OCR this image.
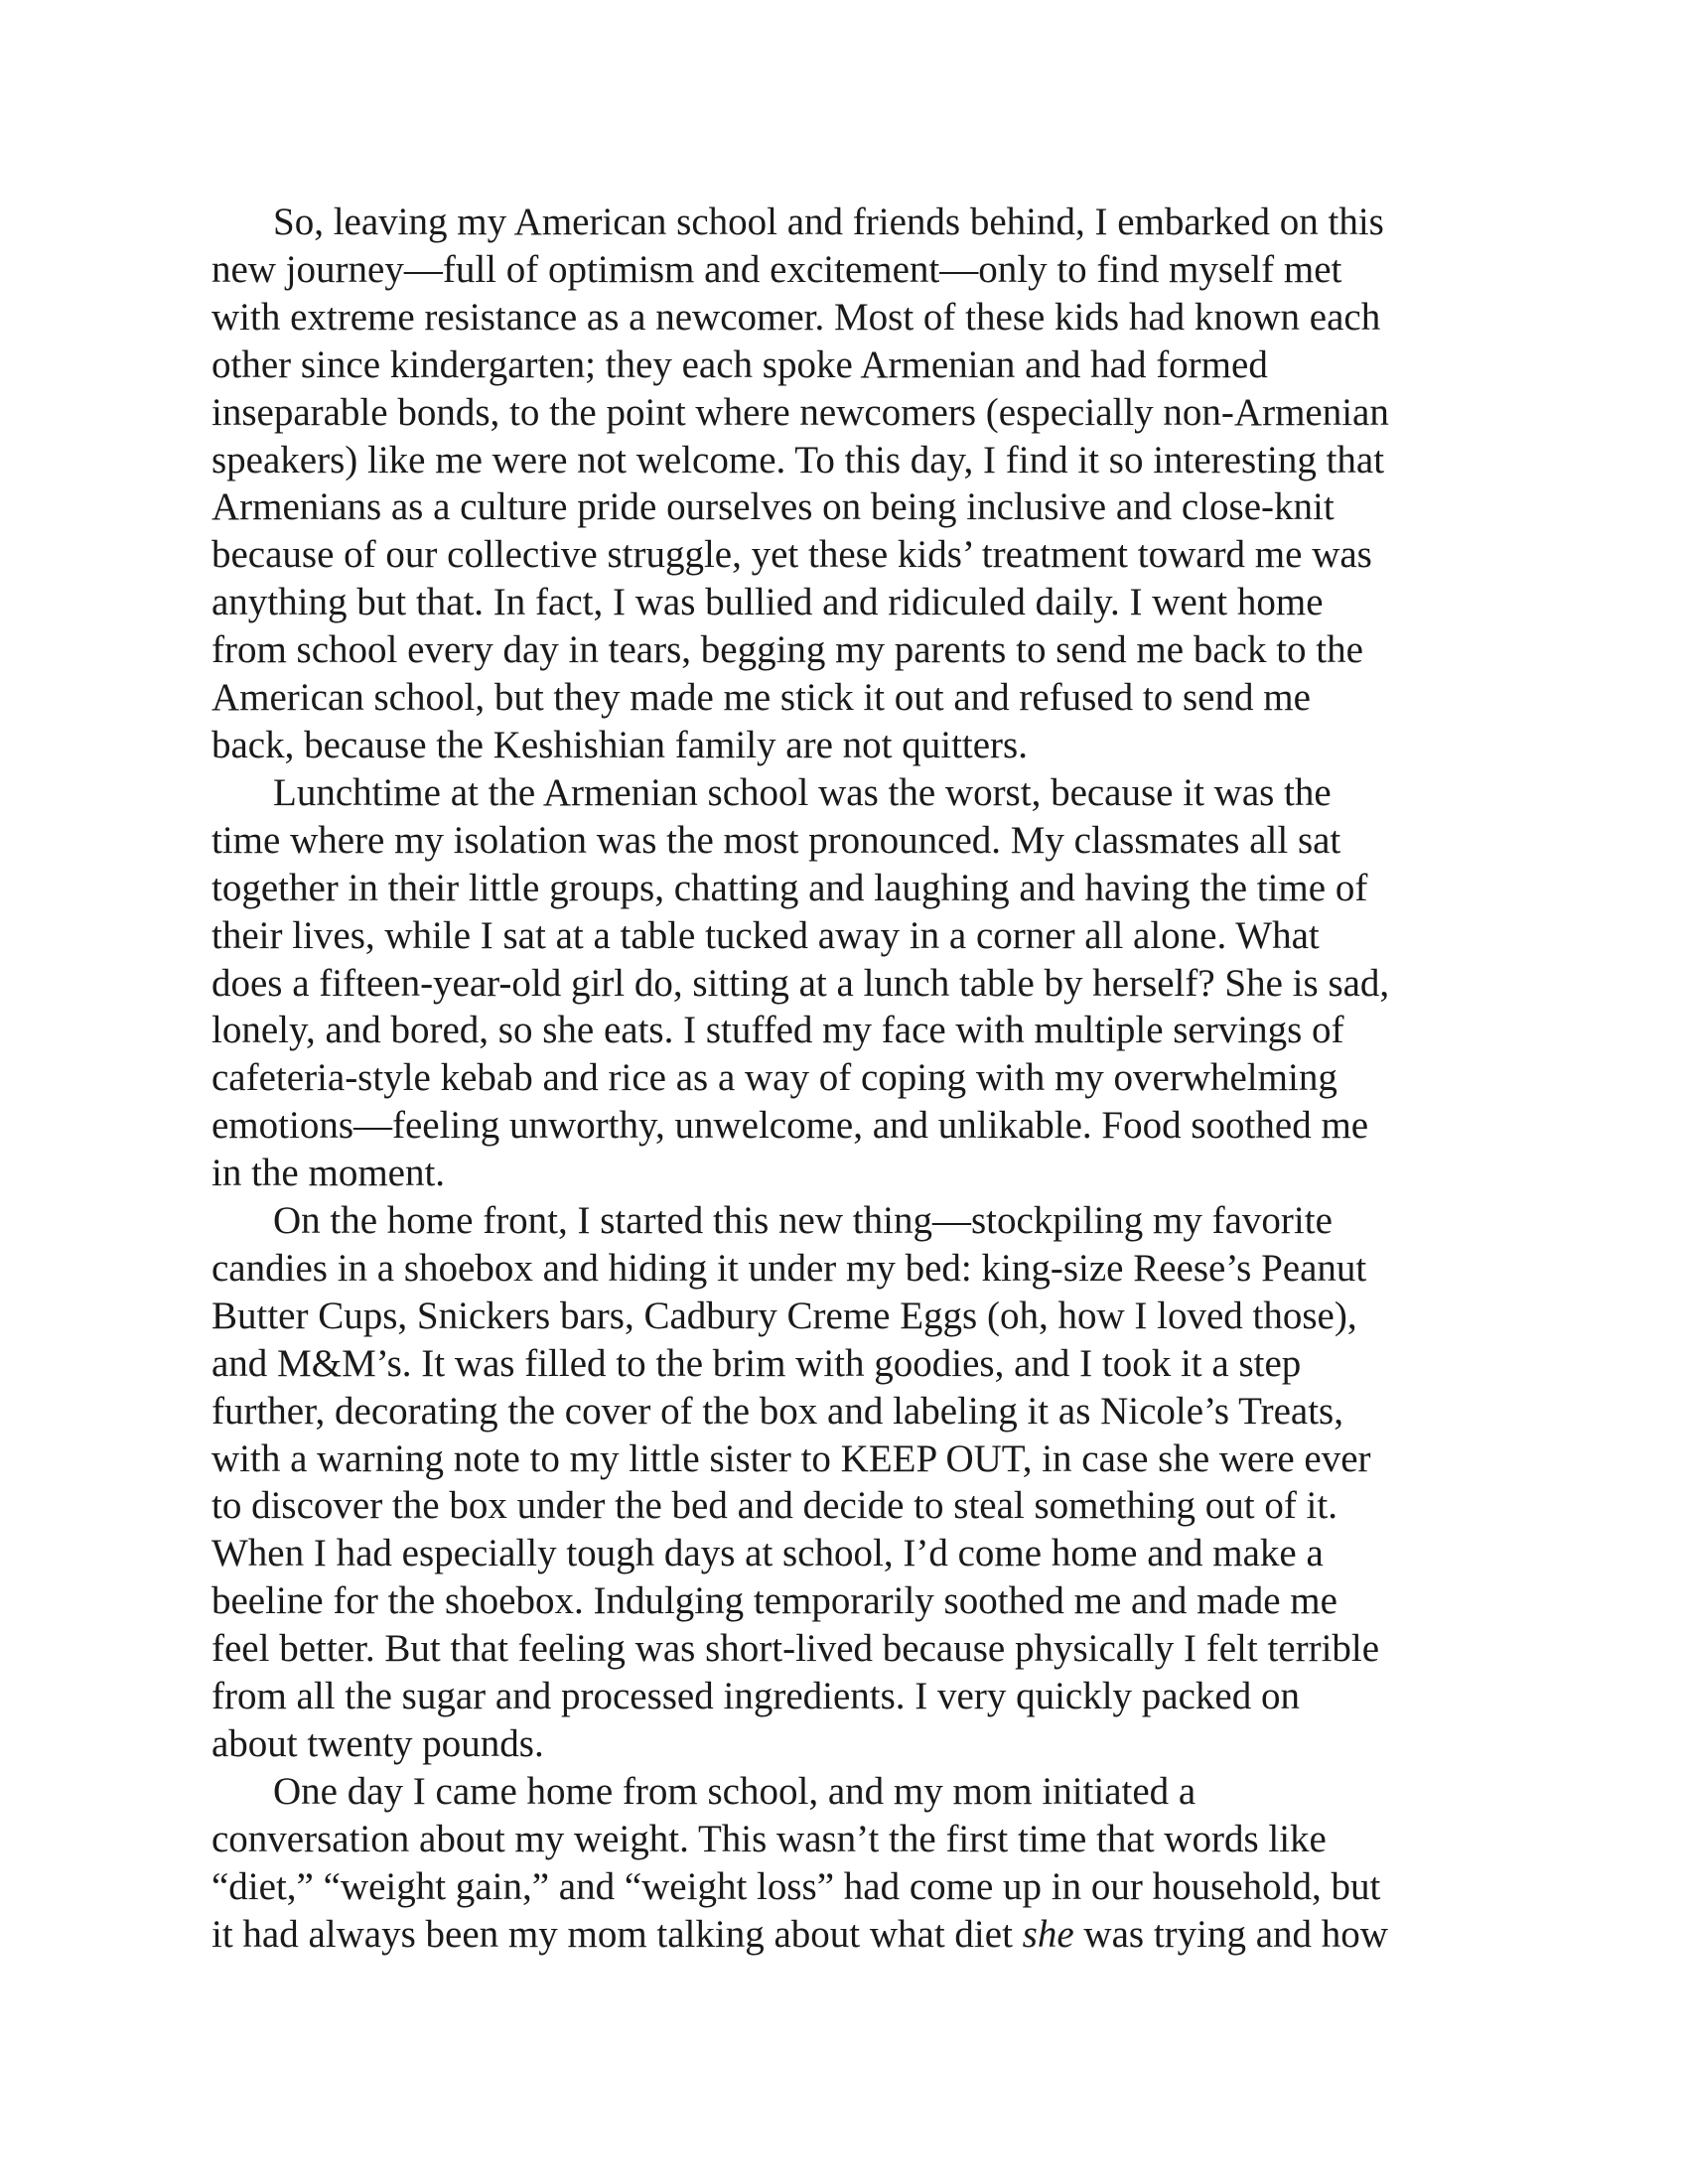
So, leaving my American school and friends behind, I embarked on this
new journey—full of optimism and excitement—only to find myself met
with extreme resistance as a newcomer. Most of these kids had known each
other since kindergarten; they each spoke Armenian and had formed
inseparable bonds, to the point where newcomers (especially non-Armenian
speakers) like me were not welcome. To this day, I find it so interesting that
Armenians as a culture pride ourselves on being inclusive and close-knit
because of our collective struggle, yet these kids’ treatment toward me was
anything but that. In fact, I was bullied and ridiculed daily. I went home
from school every day in tears, begging my parents to send me back to the
American school, but they made me stick it out and refused to send me
back, because the Keshishian family are not quitters.
Lunchtime at the Armenian school was the worst, because it was the
time where my isolation was the most pronounced. My classmates all sat
together in their little groups, chatting and laughing and having the time of
their lives, while I sat at a table tucked away in a corner all alone. What
does a fifteen-year-old girl do, sitting at a lunch table by herself? She is sad,
lonely, and bored, so she eats. I stuffed my face with multiple servings of
cafeteria-style kebab and rice as a way of coping with my overwhelming
emotions—feeling unworthy, unwelcome, and unlikable. Food soothed me
in the moment.
On the home front, I started this new thing—stockpiling my favorite
candies in a shoebox and hiding it under my bed: king-size Reese’s Peanut
Butter Cups, Snickers bars, Cadbury Creme Eggs (oh, how I loved those),
and M&M’s. It was filled to the brim with goodies, and I took it a step
further, decorating the cover of the box and labeling it as Nicole’s Treats,
with a warning note to my little sister to KEEP OUT, in case she were ever
to discover the box under the bed and decide to steal something out of it.
When I had especially tough days at school, I’d come home and make a
beeline for the shoebox. Indulging temporarily soothed me and made me
feel better. But that feeling was short-lived because physically I felt terrible
from all the sugar and processed ingredients. I very quickly packed on
about twenty pounds.
One day I came home from school, and my mom initiated a
conversation about my weight. This wasn’t the first time that words like
“diet,” “weight gain,” and “weight loss” had come up in our household, but
it had always been my mom talking about what diet she was trying and how
